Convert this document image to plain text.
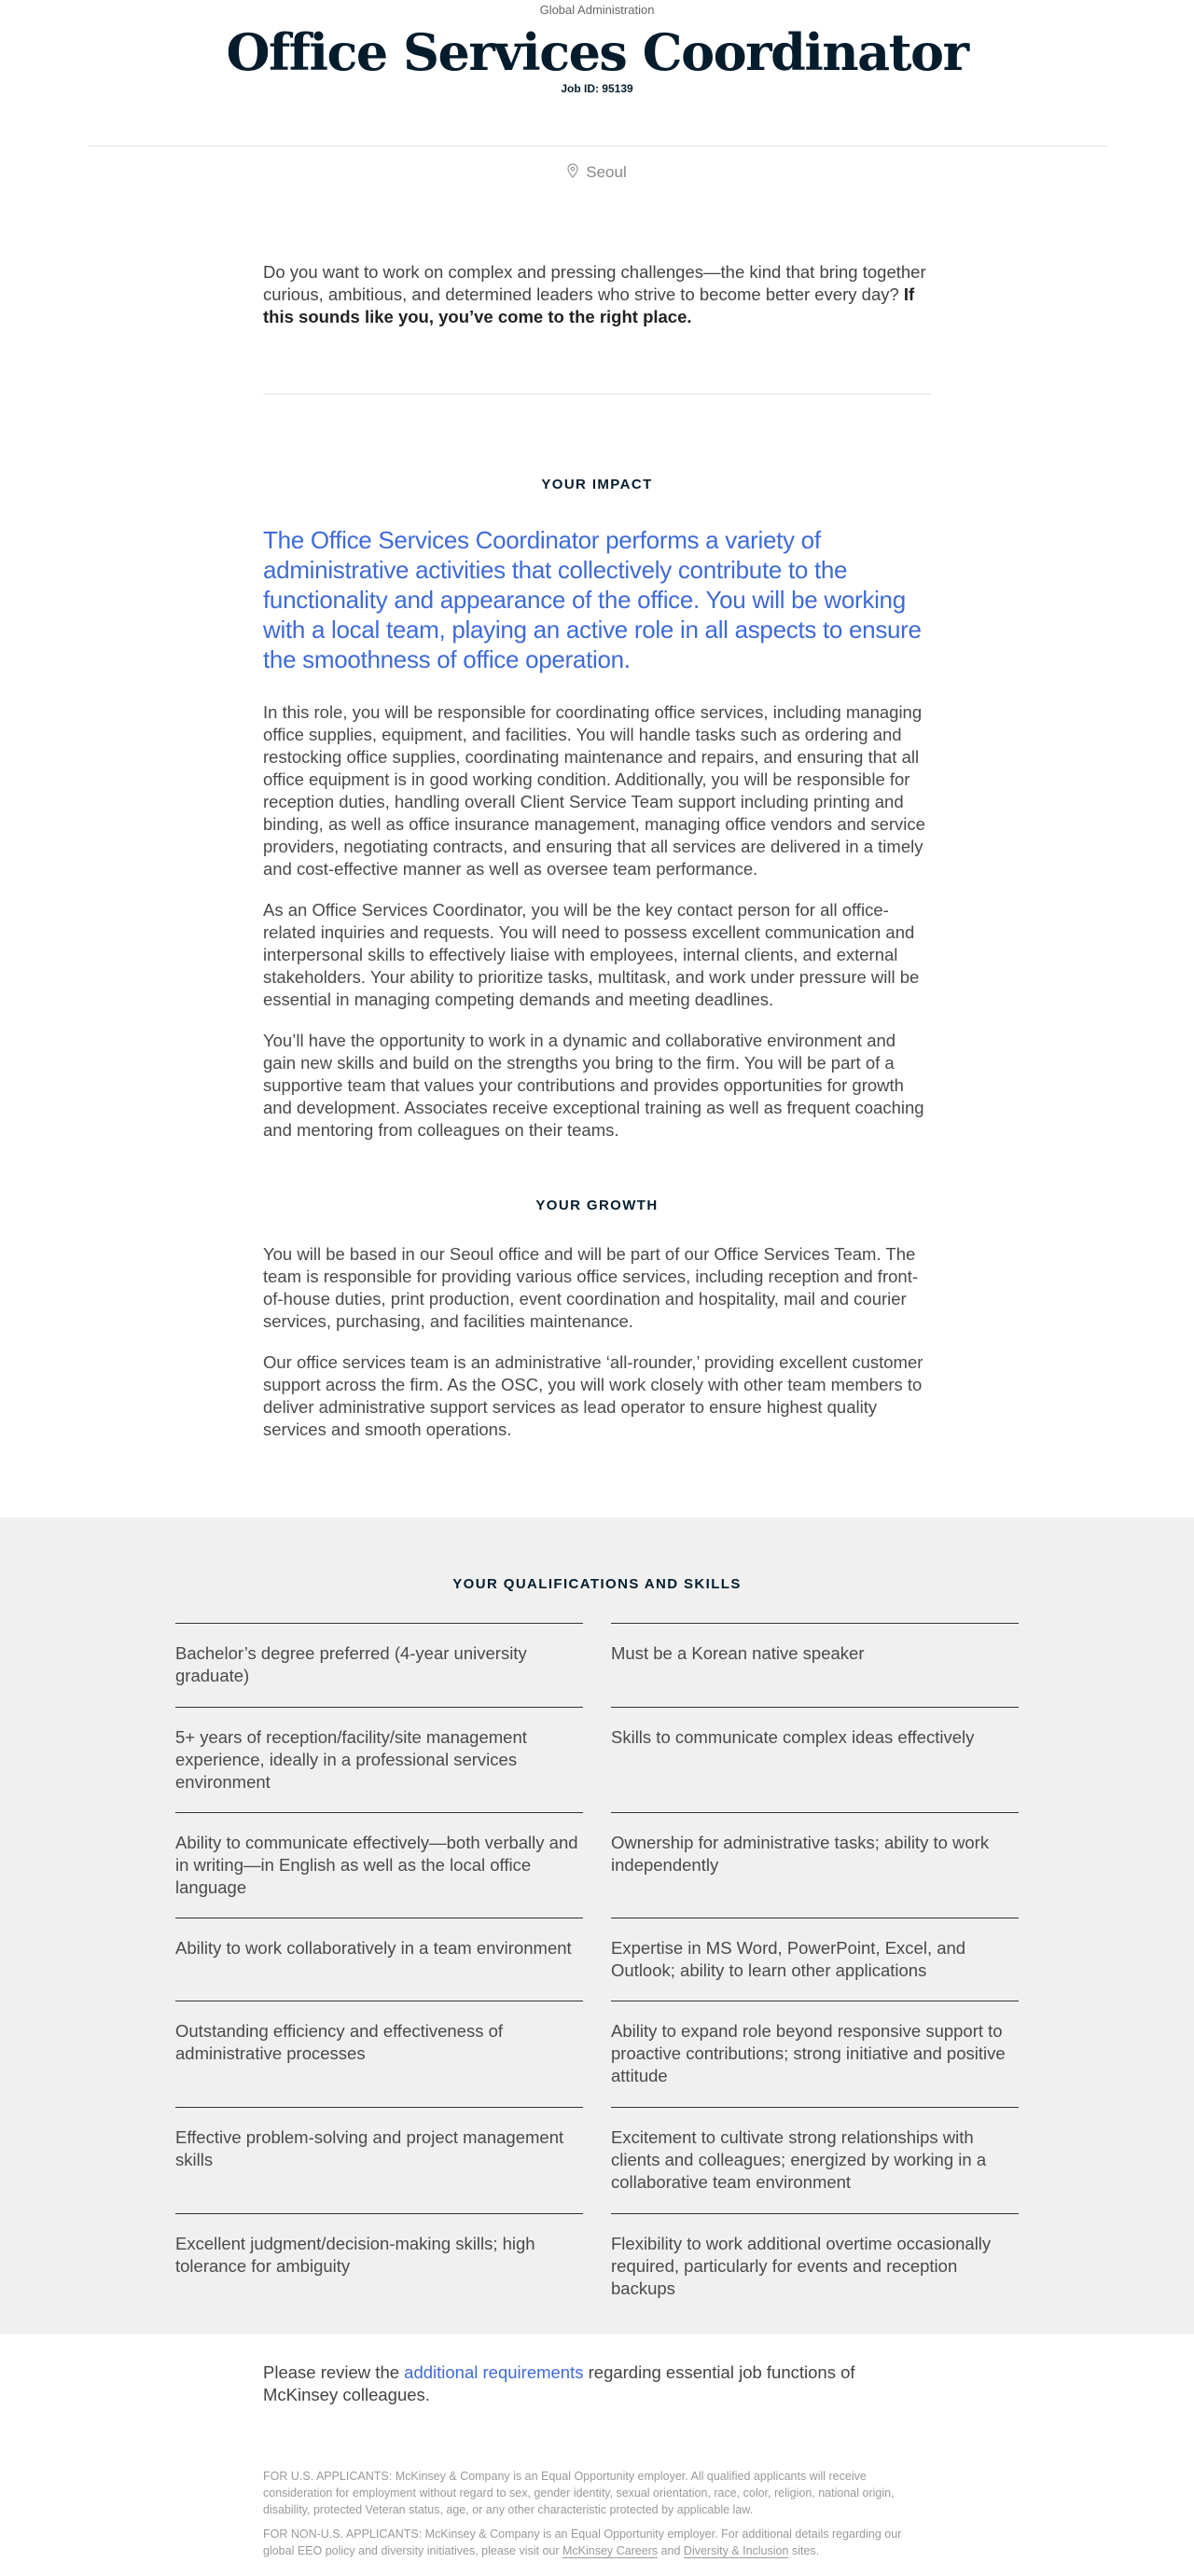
Global Administration
Office Services Coordinator
Job ID: 95139
Seoul
Do you want to work on complex and pressing challenges—the kind that bring together curious, ambitious, and determined leaders who strive to become better every day? If this sounds like you, you’ve come to the right place.
YOUR IMPACT
The Office Services Coordinator performs a variety of administrative activities that collectively contribute to the functionality and appearance of the office. You will be working with a local team, playing an active role in all aspects to ensure the smoothness of office operation.

In this role, you will be responsible for coordinating office services, including managing office supplies, equipment, and facilities. You will handle tasks such as ordering and restocking office supplies, coordinating maintenance and repairs, and ensuring that all office equipment is in good working condition. Additionally, you will be responsible for reception duties, handling overall Client Service Team support including printing and binding, as well as office insurance management, managing office vendors and service providers, negotiating contracts, and ensuring that all services are delivered in a timely and cost-effective manner as well as oversee team performance.

As an Office Services Coordinator, you will be the key contact person for all office-related inquiries and requests. You will need to possess excellent communication and interpersonal skills to effectively liaise with employees, internal clients, and external stakeholders. Your ability to prioritize tasks, multitask, and work under pressure will be essential in managing competing demands and meeting deadlines.

You’ll have the opportunity to work in a dynamic and collaborative environment and gain new skills and build on the strengths you bring to the firm. You will be part of a supportive team that values your contributions and provides opportunities for growth and development. Associates receive exceptional training as well as frequent coaching and mentoring from colleagues on their teams.

YOUR GROWTH

You will be based in our Seoul office and will be part of our Office Services Team. The team is responsible for providing various office services, including reception and front-of-house duties, print production, event coordination and hospitality, mail and courier services, purchasing, and facilities maintenance.

Our office services team is an administrative ‘all-rounder,’ providing excellent customer support across the firm. As the OSC, you will work closely with other team members to deliver administrative support services as lead operator to ensure highest quality services and smooth operations.

YOUR QUALIFICATIONS AND SKILLS
Bachelor’s degree preferred (4-year university graduate)
Must be a Korean native speaker
5+ years of reception/facility/site management experience, ideally in a professional services environment
Skills to communicate complex ideas effectively
Ability to communicate effectively—both verbally and in writing—in English as well as the local office language
Ownership for administrative tasks; ability to work independently
Ability to work collaboratively in a team environment	Expertise in MS Word, PowerPoint, Excel, and Outlook; ability to learn other applications
Outstanding efficiency and effectiveness of administrative processes
Ability to expand role beyond responsive support to proactive contributions; strong initiative and positive attitude
Effective problem-solving and project management skills
Excitement to cultivate strong relationships with clients and colleagues; energized by working in a collaborative team environment
Excellent judgment/decision-making skills; high tolerance for ambiguity
Flexibility to work additional overtime occasionally required, particularly for events and reception backups
Please review the additional requirements regarding essential job functions of McKinsey colleagues.

FOR U.S. APPLICANTS: McKinsey & Company is an Equal Opportunity employer. All qualified applicants will receive consideration for employment without regard to sex, gender identity, sexual orientation, race, color, religion, national origin, disability, protected Veteran status, age, or any other characteristic protected by applicable law.

FOR NON-U.S. APPLICANTS: McKinsey & Company is an Equal Opportunity employer. For additional details regarding our global EEO policy and diversity initiatives, please visit our McKinsey Careers and Diversity & Inclusion sites.
